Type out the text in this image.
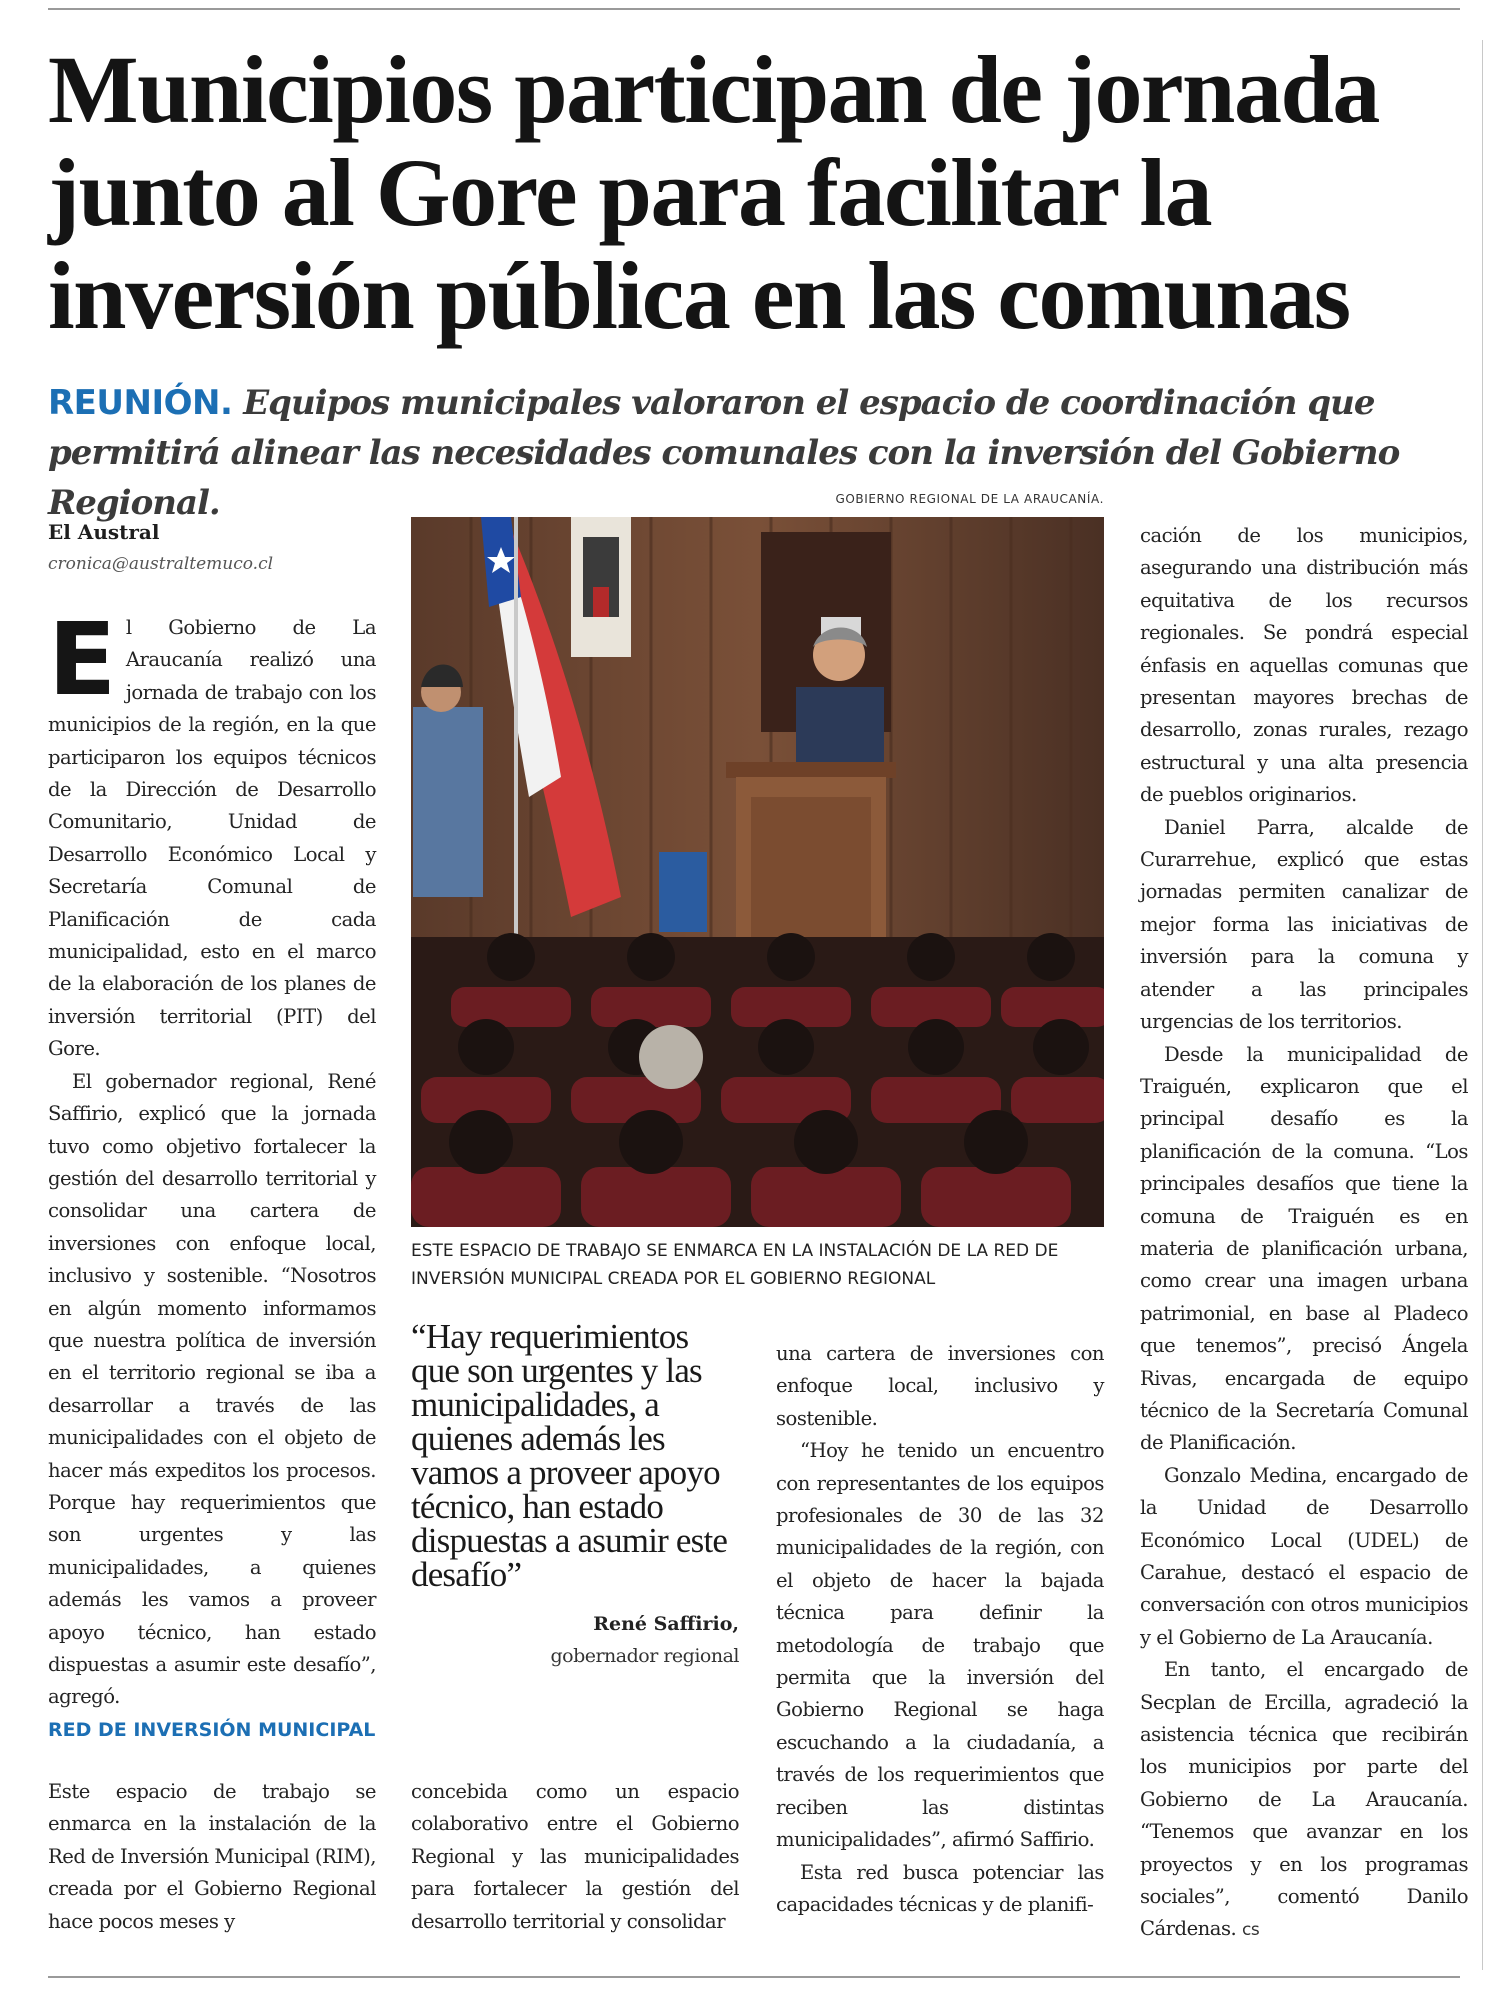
Municipios participan de jornada junto al Gore para facilitar la inversión pública en las comunas

REUNIÓN. Equipos municipales valoraron el espacio de coordinación que permitirá alinear las necesidades comunales con la inversión del Gobierno Regional.	GOBIERNO REGIONAL DE LA ARAUCANÍA.
ESTE ESPACIO DE TRABAJO SE ENMARCA EN LA INSTALACIÓN DE LA RED DE INVERSIÓN MUNICIPAL CREADA POR EL GOBIERNO REGIONAL
El Austral
cronica@australtemuco.cl

El Gobierno de La Araucanía realizó una jornada de trabajo con los municipios de la región, en la que participaron los equipos técnicos de la Dirección de Desarrollo Comunitario, Unidad de Desarrollo Económico Local y Secretaría Comunal de Planificación de cada municipalidad, esto en el marco de la elaboración de los planes de inversión territorial (PIT) del Gore.

El gobernador regional, René Saffirio, explicó que la jornada tuvo como objetivo fortalecer la gestión del desarrollo territorial y consolidar una cartera de inversiones con enfoque local, inclusivo y sostenible. “Nosotros en algún momento informamos que nuestra política de inversión en el territorio regional se iba a desarrollar a través de las municipalidades con el objeto de hacer más expeditos los procesos. Porque hay requerimientos que son urgentes y las municipalidades, a quienes además les vamos a proveer apoyo técnico, han estado dispuestas a asumir este desafío”, agregó.

RED DE INVERSIÓN MUNICIPAL

Este espacio de trabajo se enmarca en la instalación de la Red de Inversión Municipal (RIM), creada por el Gobierno Regional hace pocos meses y

“Hay requerimientos que son urgentes y las municipalidades, a quienes además les vamos a proveer apoyo técnico, han estado dispuestas a asumir este desafío”
René Saffirio,
gobernador regional

concebida como un espacio colaborativo entre el Gobierno Regional y las municipalidades para fortalecer la gestión del desarrollo territorial y consolidar

una cartera de inversiones con enfoque local, inclusivo y sostenible.

“Hoy he tenido un encuentro con representantes de los equipos profesionales de 30 de las 32 municipalidades de la región, con el objeto de hacer la bajada técnica para definir la metodología de trabajo que permita que la inversión del Gobierno Regional se haga escuchando a la ciudadanía, a través de los requerimientos que reciben las distintas municipalidades”, afirmó Saffirio.

Esta red busca potenciar las capacidades técnicas y de planifi-

cación de los municipios, asegurando una distribución más equitativa de los recursos regionales. Se pondrá especial énfasis en aquellas comunas que presentan mayores brechas de desarrollo, zonas rurales, rezago estructural y una alta presencia de pueblos originarios.

Daniel Parra, alcalde de Curarrehue, explicó que estas jornadas permiten canalizar de mejor forma las iniciativas de inversión para la comuna y atender a las principales urgencias de los territorios.

Desde la municipalidad de Traiguén, explicaron que el principal desafío es la planificación de la comuna. “Los principales desafíos que tiene la comuna de Traiguén es en materia de planificación urbana, como crear una imagen urbana patrimonial, en base al Pladeco que tenemos”, precisó Ángela Rivas, encargada de equipo técnico de la Secretaría Comunal de Planificación.

Gonzalo Medina, encargado de la Unidad de Desarrollo Económico Local (UDEL) de Carahue, destacó el espacio de conversación con otros municipios y el Gobierno de La Araucanía.

En tanto, el encargado de Secplan de Ercilla, agradeció la asistencia técnica que recibirán los municipios por parte del Gobierno de La Araucanía. “Tenemos que avanzar en los proyectos y en los programas sociales”, comentó Danilo Cárdenas. cs
